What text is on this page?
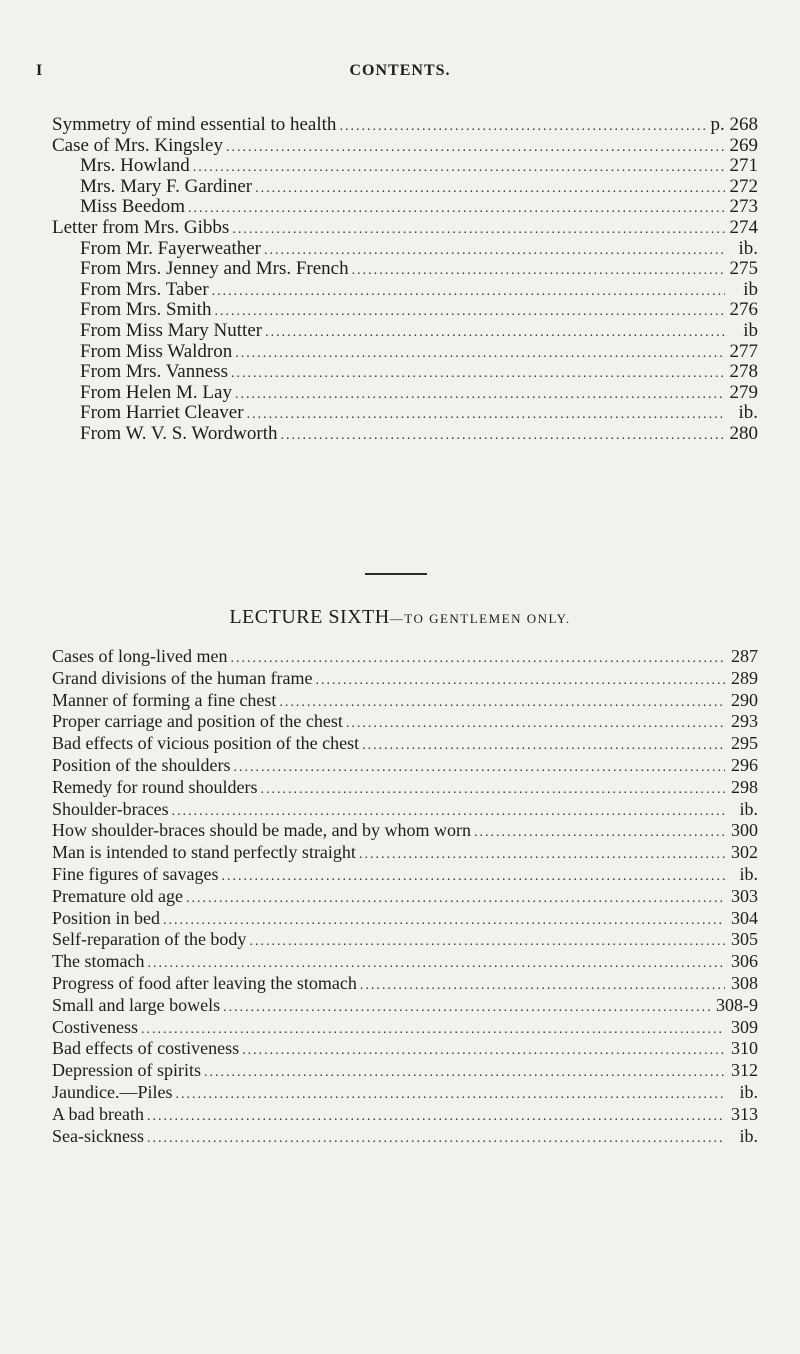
I	CONTENTS.
Symmetry of mind essential to health .....	p. 268
Case of Mrs. Kingsley .....	269
Mrs. Howland .....	271
Mrs. Mary F. Gardiner .....	272
Miss Beedom .....	273
Letter from Mrs. Gibbs .....	274
From Mr. Fayerweather .....	ib.
From Mrs. Jenney and Mrs. French .....	275
From Mrs. Taber .....	ib
From Mrs. Smith .....	276
From Miss Mary Nutter .....	ib
From Miss Waldron .....	277
From Mrs. Vanness .....	278
From Helen M. Lay .....	279
From Harriet Cleaver .....	ib.
From W. V. S. Wordworth .....	280
LECTURE SIXTH—TO GENTLEMEN ONLY.
Cases of long-lived men .....	287
Grand divisions of the human frame .....	289
Manner of forming a fine chest .....	290
Proper carriage and position of the chest .....	293
Bad effects of vicious position of the chest .....	295
Position of the shoulders .....	296
Remedy for round shoulders .....	298
Shoulder-braces .....	ib.
How shoulder-braces should be made, and by whom worn .....	300
Man is intended to stand perfectly straight .....	302
Fine figures of savages .....	ib.
Premature old age .....	303
Position in bed .....	304
Self-reparation of the body .....	305
The stomach .....	306
Progress of food after leaving the stomach .....	308
Small and large bowels .....	308-9
Costiveness .....	309
Bad effects of costiveness .....	310
Depression of spirits .....	312
Jaundice.—Piles .....	ib.
A bad breath .....	313
Sea-sickness .....	ib.
